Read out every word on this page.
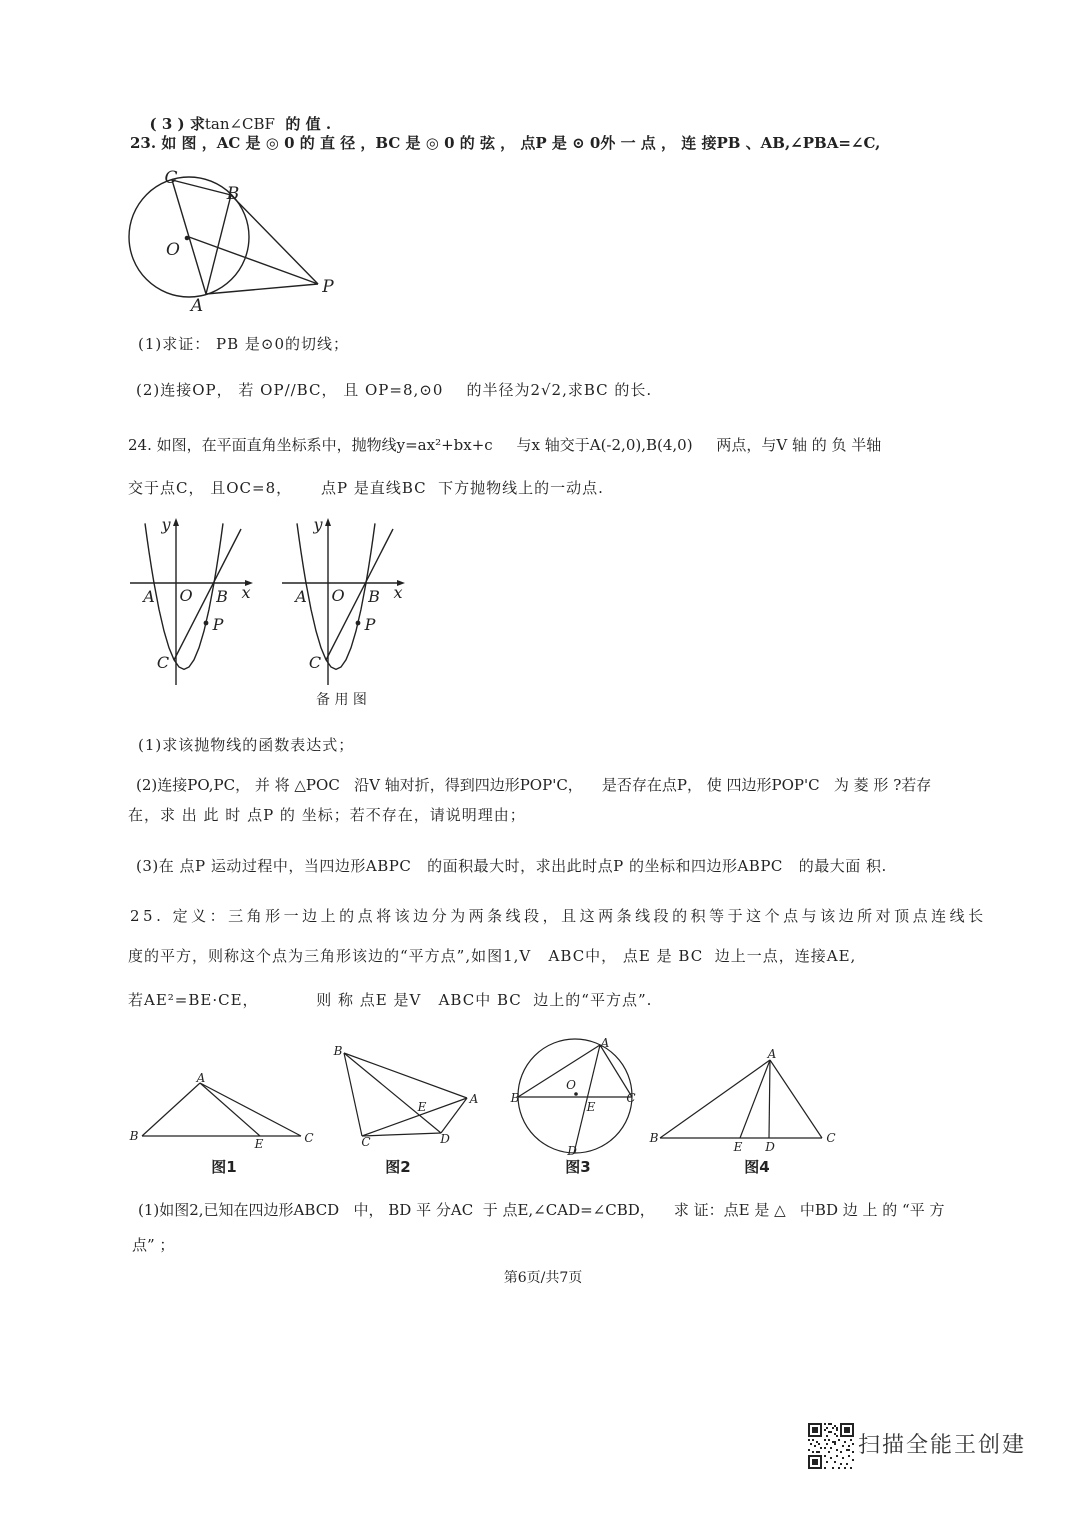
C
B
O
A
P
y
x
A O B
P
C
y
x
A O B
P
C
A
B	C
E
图1
B
A
E
C	D
图2
A
O
B	C
E
D
图3
A
B
E D
C
图4

( 3 ) 求tan∠CBF  的 值 .

23. 如 图 ，AC 是 ◎ 0 的 直 径 ，BC 是 ◎ 0 的 弦 ， 点P 是 ⊙ 0外 一 点 ， 连 接PB 、AB,∠PBA=∠C,
(1)求证： PB 是⊙0的切线；
(2)连接OP， 若 OP//BC， 且 OP=8,⊙0    的半径为2√2,求BC 的长.
24. 如图，在平面直角坐标系中，抛物线y=ax²+bx+c     与x 轴交于A(-2,0),B(4,0)     两点，与V 轴 的 负 半轴
交于点C， 且OC=8，     点P 是直线BC  下方抛物线上的一动点.
备 用 图
(1)求该抛物线的函数表达式；
(2)连接PO,PC， 并 将 △POC   沿V 轴对折，得到四边形POP'C，    是否存在点P， 使 四边形POP'C   为 菱 形 ?若存
在，求 出 此 时 点P 的 坐标；若不存在，请说明理由；
(3)在 点P 运动过程中，当四边形ABPC   的面积最大时，求出此时点P 的坐标和四边形ABPC   的最大面 积.
25. 定义：三角形一边上的点将该边分为两条线段，且这两条线段的积等于这个点与该边所对顶点连线长
度的平方，则称这个点为三角形该边的“平方点”,如图1,V   ABC中， 点E 是 BC  边上一点，连接AE,
若AE²=BE·CE，          则 称 点E 是V   ABC中 BC  边上的“平方点”.
(1)如图2,已知在四边形ABCD   中， BD 平 分AC  于 点E,∠CAD=∠CBD，    求 证：点E 是 △   中BD 边 上 的 “平 方
点” ；
第6页/共7页
扫描全能王创建
